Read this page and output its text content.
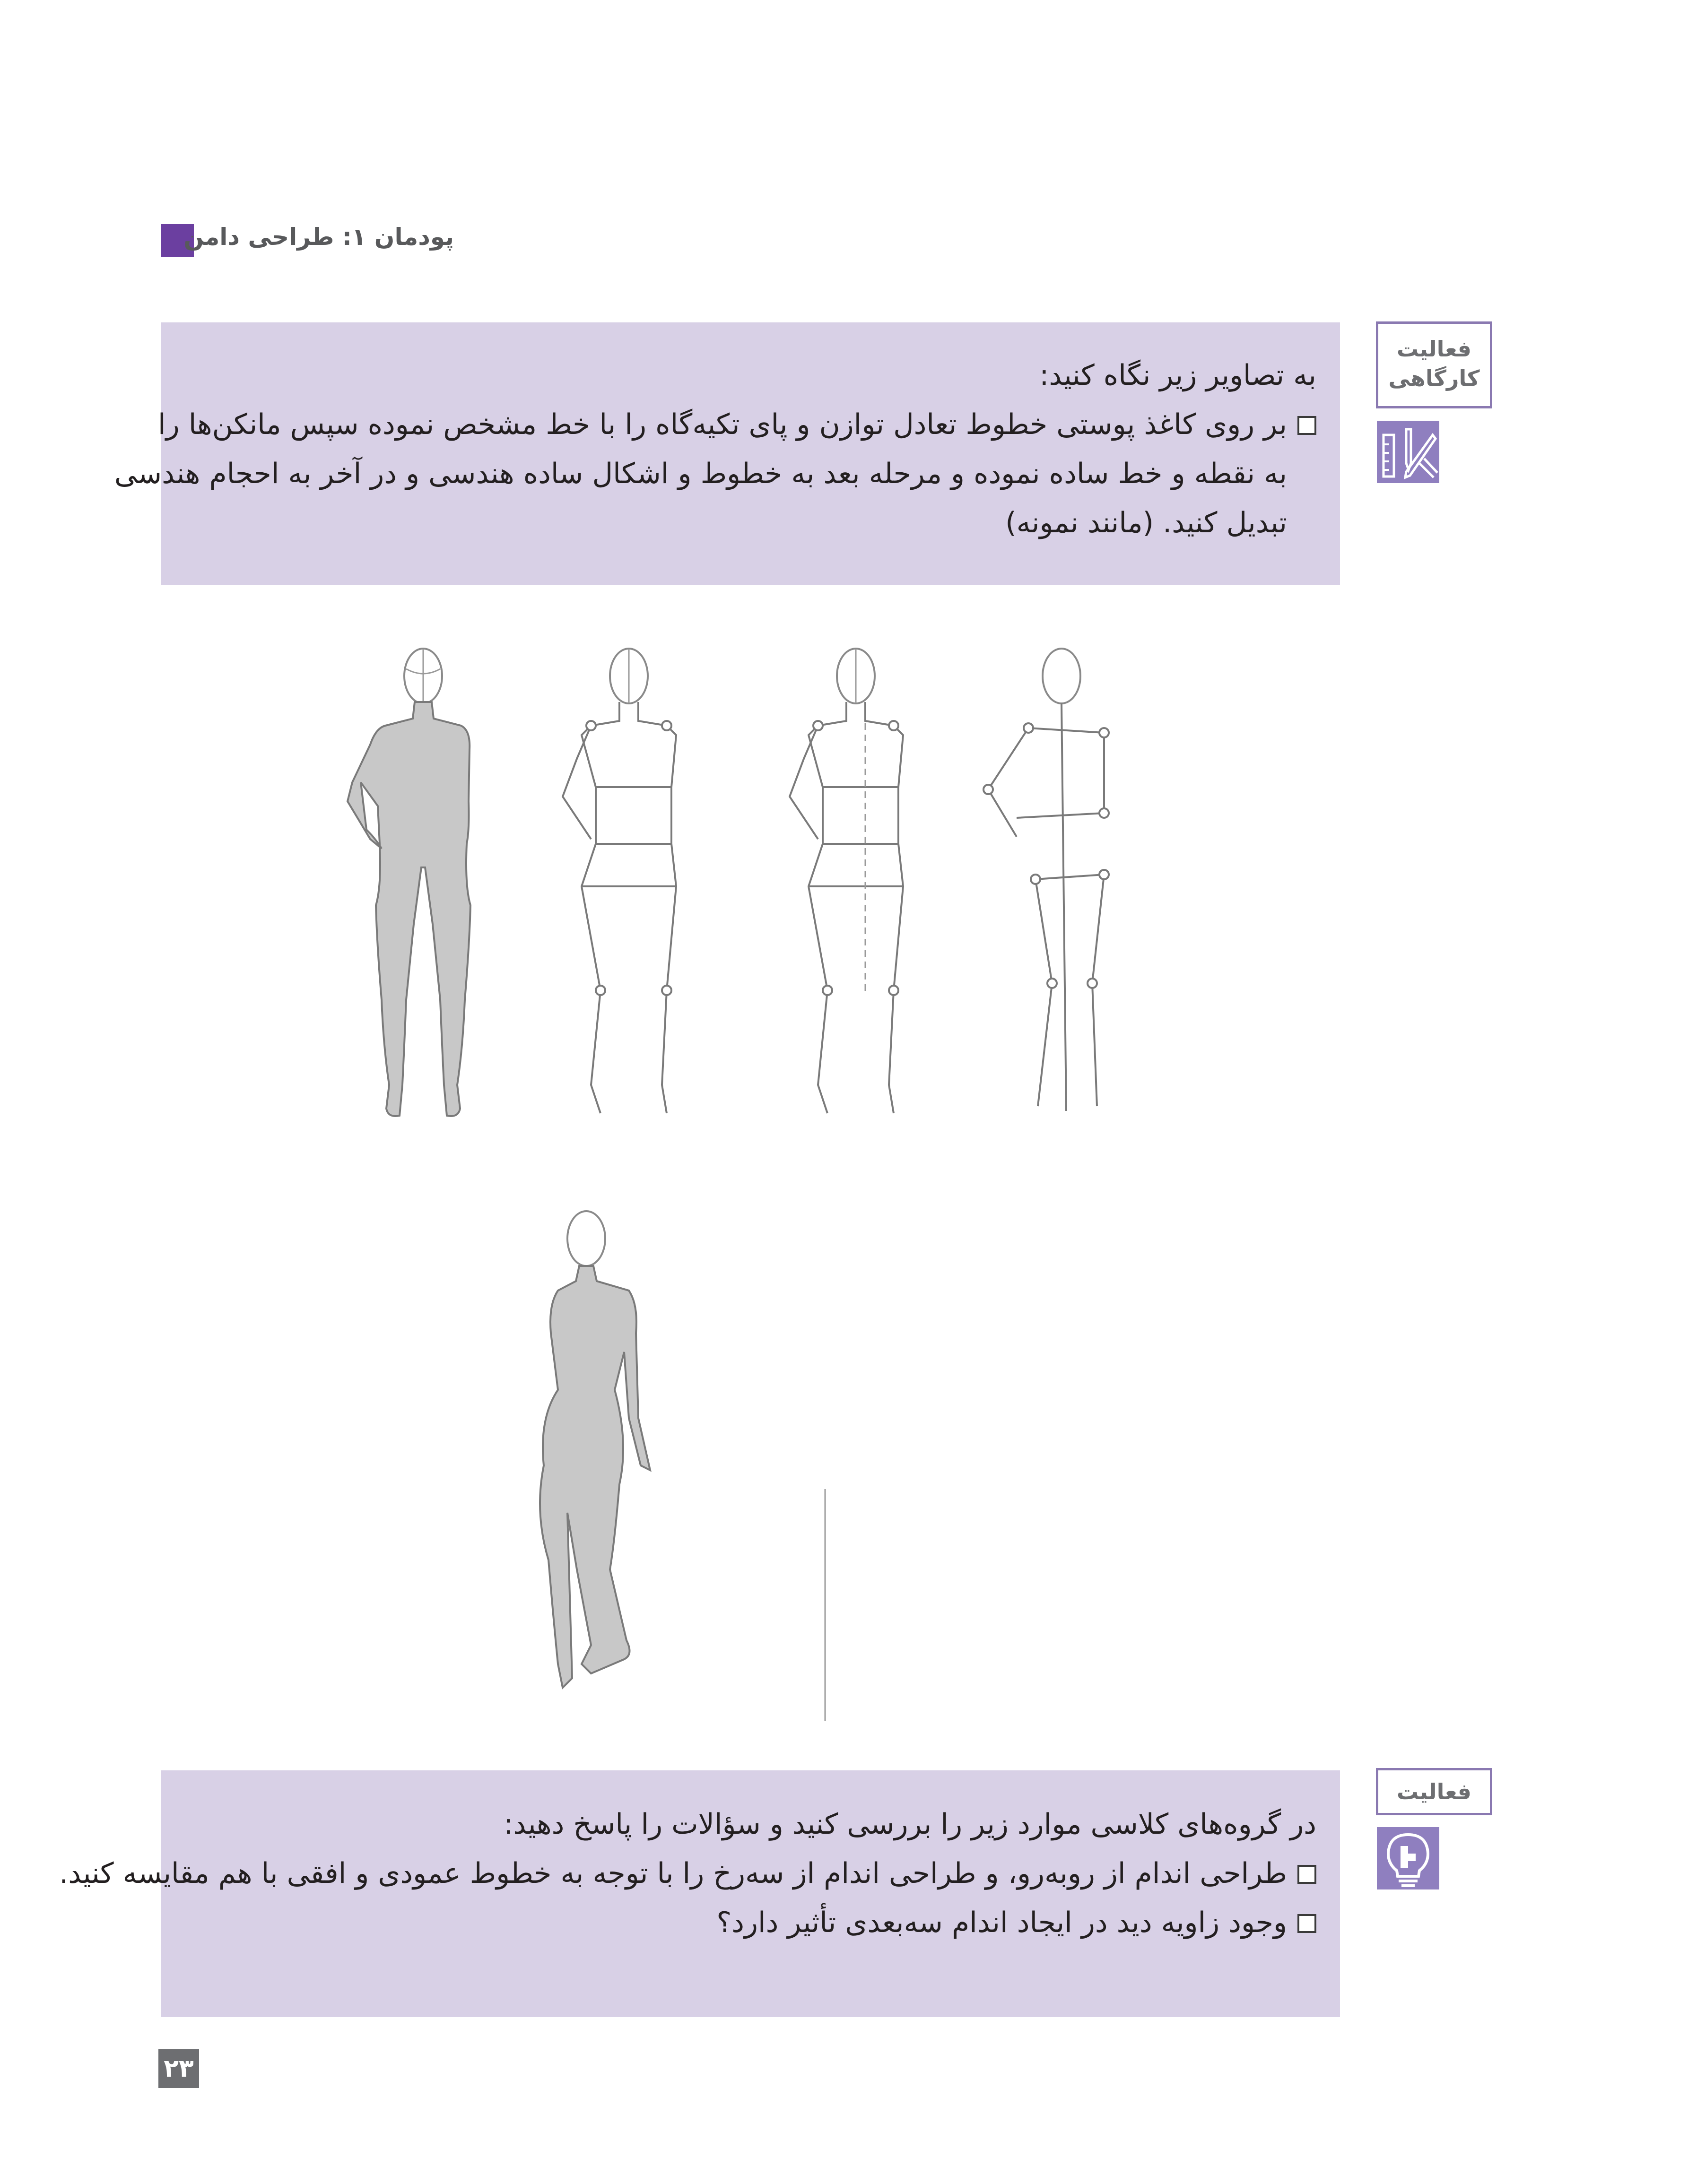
پودمان ۱: طراحی دامن
به تصاویر زیر نگاه کنید:
بر روی کاغذ پوستی خطوط تعادل توازن و پای تکیه‌گاه را با خط مشخص نموده سپس مانکن‌ها را
به نقطه و خط ساده نموده و مرحله بعد به خطوط و اشکال ساده هندسی و در آخر به احجام هندسی
تبدیل کنید. (مانند نمونه)
فعالیت
کارگاهی
در گروه‌های کلاسی موارد زیر را بررسی کنید و سؤالات را پاسخ دهید:
طراحی اندام از روبه‌رو، و طراحی اندام از سه‌رخ را با توجه به خطوط عمودی و افقی با هم مقایسه کنید.
وجود زاویه دید در ایجاد اندام سه‌بعدی تأثیر دارد؟
فعالیت
۲۳
